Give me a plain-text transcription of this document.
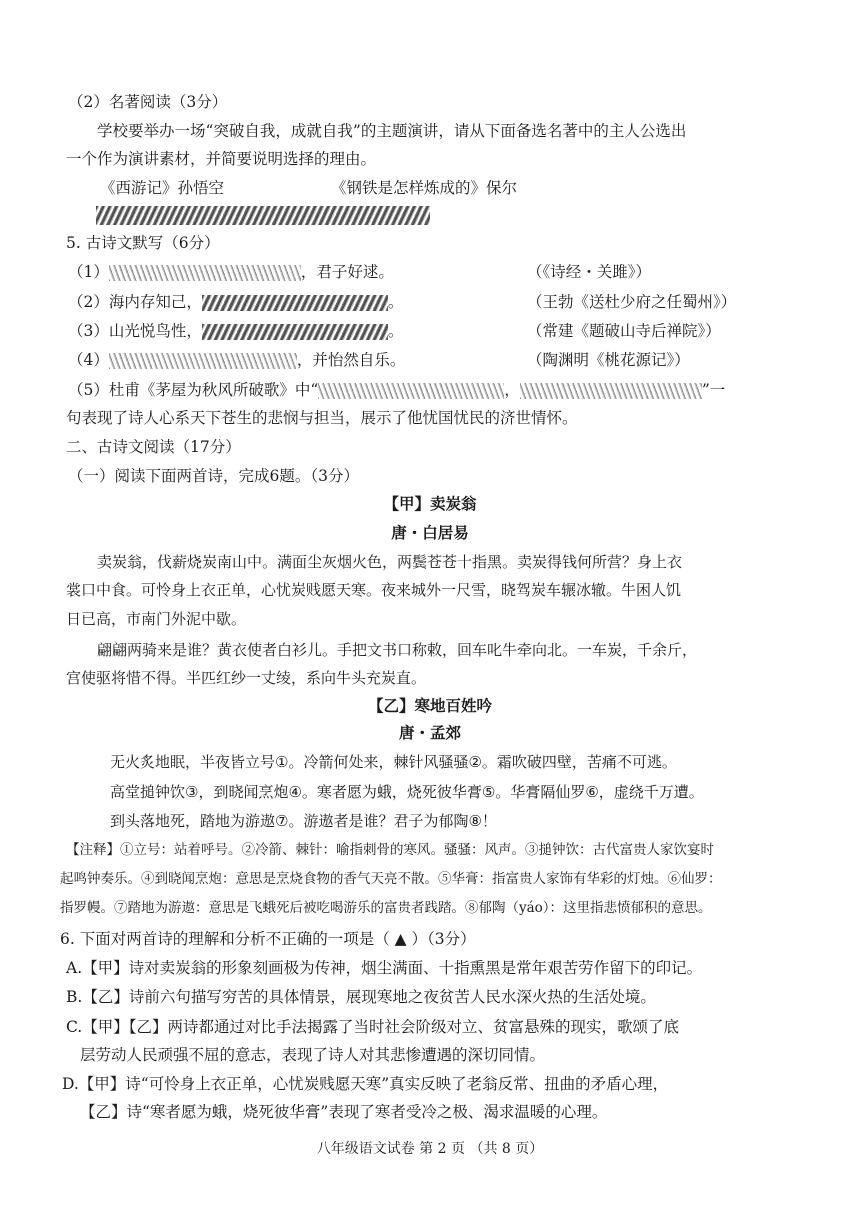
（2）名著阅读（3分）
学校要举办一场“突破自我，成就自我”的主题演讲，请从下面备选名著中的主人公选出
一个作为演讲素材，并简要说明选择的理由。
《西游记》孙悟空	《钢铁是怎样炼成的》保尔
5. 古诗文默写（6分）
（1）	，君子好逑。	（《诗经・关雎》）
（2）海内存知己，	。	（王勃《送杜少府之任蜀州》）
（3）山光悦鸟性，	。	（常建《题破山寺后禅院》）
（4）	，并怡然自乐。	（陶渊明《桃花源记》）
（5）杜甫《茅屋为秋风所破歌》中“	，	”一
句表现了诗人心系天下苍生的悲悯与担当，展示了他忧国忧民的济世情怀。
二、古诗文阅读（17分）
（一）阅读下面两首诗，完成6题。（3分）
【甲】卖炭翁
唐・白居易
卖炭翁，伐薪烧炭南山中。满面尘灰烟火色，两鬓苍苍十指黑。卖炭得钱何所营？身上衣
裳口中食。可怜身上衣正单，心忧炭贱愿天寒。夜来城外一尺雪，晓驾炭车辗冰辙。牛困人饥
日已高，市南门外泥中歇。
翩翩两骑来是谁？黄衣使者白衫儿。手把文书口称敕，回车叱牛牵向北。一车炭，千余斤，
宫使驱将惜不得。半匹红纱一丈绫，系向牛头充炭直。
【乙】寒地百姓吟
唐・孟郊
无火炙地眠，半夜皆立号①。冷箭何处来，棘针风骚骚②。霜吹破四壁，苦痛不可逃。
高堂搥钟饮③，到晓闻烹炮④。寒者愿为蛾，烧死彼华膏⑤。华膏隔仙罗⑥，虚绕千万遭。
到头落地死，踏地为游遨⑦。游遨者是谁？君子为郁陶⑧！
【注释】①立号：站着呼号。②冷箭、棘针：喻指刺骨的寒风。骚骚：风声。③搥钟饮：古代富贵人家饮宴时
起鸣钟奏乐。④到晓闻烹炮：意思是烹烧食物的香气天亮不散。⑤华膏：指富贵人家饰有华彩的灯烛。⑥仙罗：
指罗幔。⑦踏地为游遨：意思是飞蛾死后被吃喝游乐的富贵者践踏。⑧郁陶（yáo）：这里指悲愤郁积的意思。
6. 下面对两首诗的理解和分析不正确的一项是（ ▲ ）（3分）
A.【甲】诗对卖炭翁的形象刻画极为传神，烟尘满面、十指熏黑是常年艰苦劳作留下的印记。
B.【乙】诗前六句描写穷苦的具体情景，展现寒地之夜贫苦人民水深火热的生活处境。
C.【甲】【乙】两诗都通过对比手法揭露了当时社会阶级对立、贫富悬殊的现实，歌颂了底
层劳动人民顽强不屈的意志，表现了诗人对其悲惨遭遇的深切同情。
D.【甲】诗“可怜身上衣正单，心忧炭贱愿天寒”真实反映了老翁反常、扭曲的矛盾心理，
【乙】诗“寒者愿为蛾，烧死彼华膏”表现了寒者受冷之极、渴求温暖的心理。
八年级语文试卷 第 2 页 （共 8 页）
